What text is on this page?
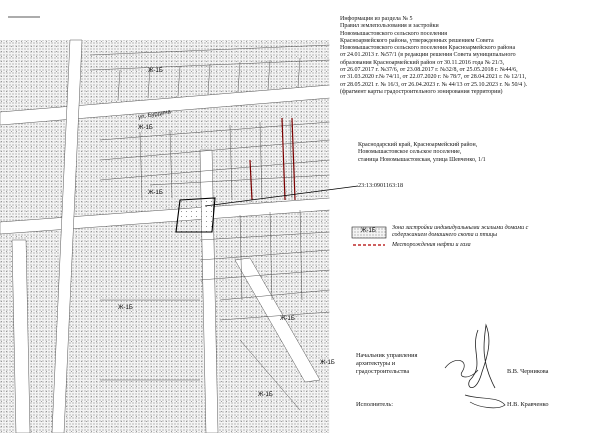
Ж-1Б
ул. Бурдина
Ж-1Б
Ж-1Б
Ж-1Б
Ж-1Б
Ж-1Б
Ж-1Б
Информация из раздела № 5
Правил землепользования и застройки
Новомышастовского сельского поселения
Красноармейского района, утвержденных решением Совета
Новомышастовского сельского поселения Красноармейского района
от 24.01.2013 г. №57/1 (в редакции решения Совета муниципального
образования Красноармейский район от 30.11.2016 года № 21/3,
от 26.07.2017 г. №37/6, от 23.08.2017 г. №32/8, от 25.05.2018 г. №44/6,
от 31.03.2020 г.№ 74/11, от 22.07.2020 г. № 78/7, от 28.04.2021 г. № 12/11,
от 28.05.2021 г. № 16/3, от 26.04.2023 г. № 44/13 от 25.10.2023 г. № 50/4 ).
(фрагмент карты градостроительного зонирования территории)
Краснодарский край, Красноармейский район,
Новомышастовское сельское поселение,
станица Новомышастовская, улица Шевченко, 1/1
23:13:0901163:18
Ж-1Б	Зона застройки индивидуальными жилыми домами с
содержанием домашнего скота и птицы
Месторождения нефти и газа
Начальник управления
архитектуры и
градостроительства	В.В. Черникова
Исполнитель:	Н.В. Кравченко
